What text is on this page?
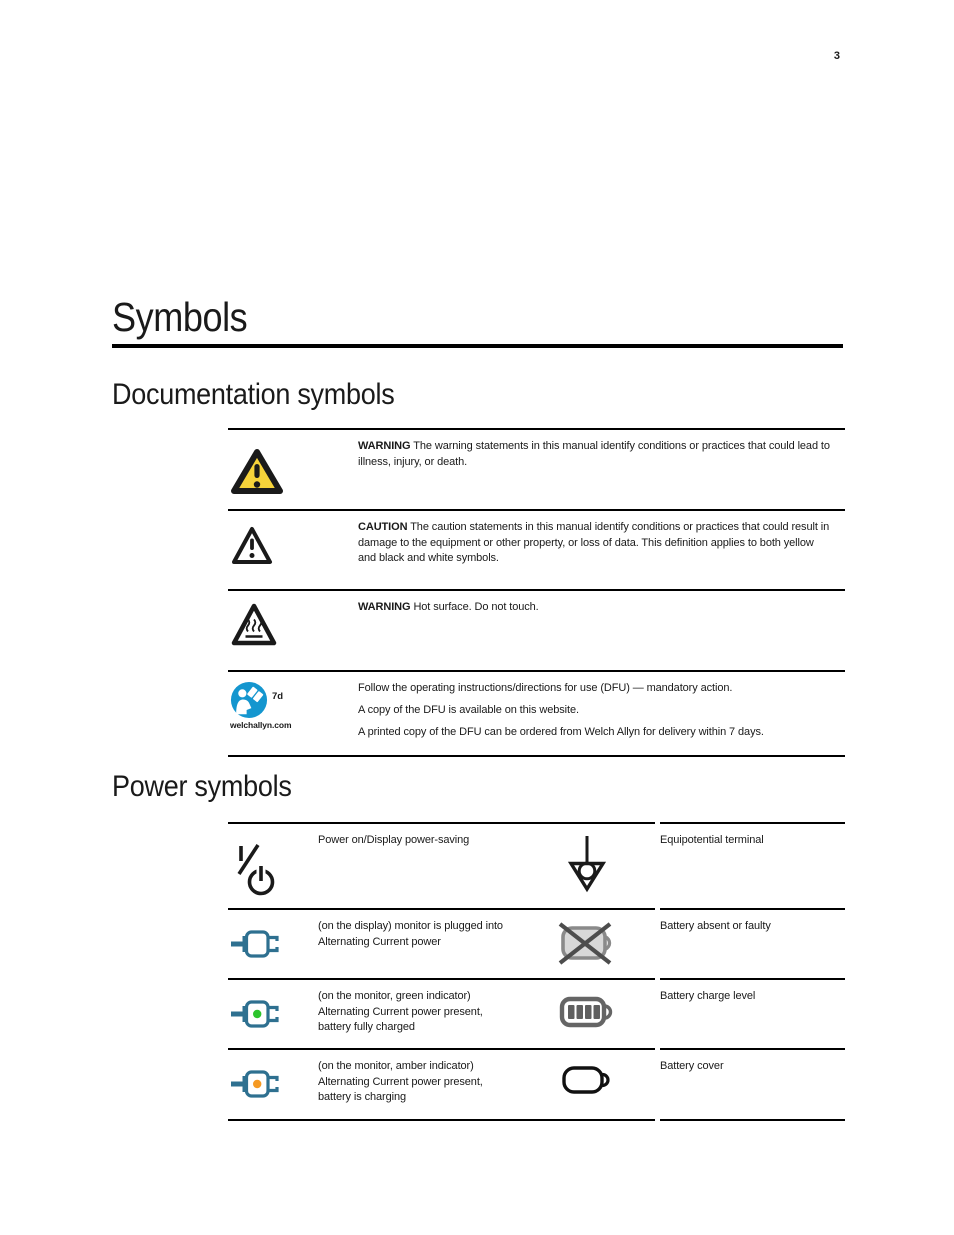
3
Symbols
Documentation symbols
WARNING The warning statements in this manual identify conditions or practices that could lead to illness, injury, or death.
CAUTION The caution statements in this manual identify conditions or practices that could result in damage to the equipment or other property, or loss of data. This definition applies to both yellow and black and white symbols.
WARNING Hot surface. Do not touch.
7d
welchallyn.com
Follow the operating instructions/directions for use (DFU) — mandatory action.
A copy of the DFU is available on this website.
A printed copy of the DFU can be ordered from Welch Allyn for delivery within 7 days.
Power symbols
Power on/Display power-saving	Equipotential terminal
(on the display) monitor is plugged into Alternating Current power
Battery absent or faulty
(on the monitor, green indicator) Alternating Current power present, battery fully charged
Battery charge level
(on the monitor, amber indicator) Alternating Current power present, battery is charging
Battery cover
